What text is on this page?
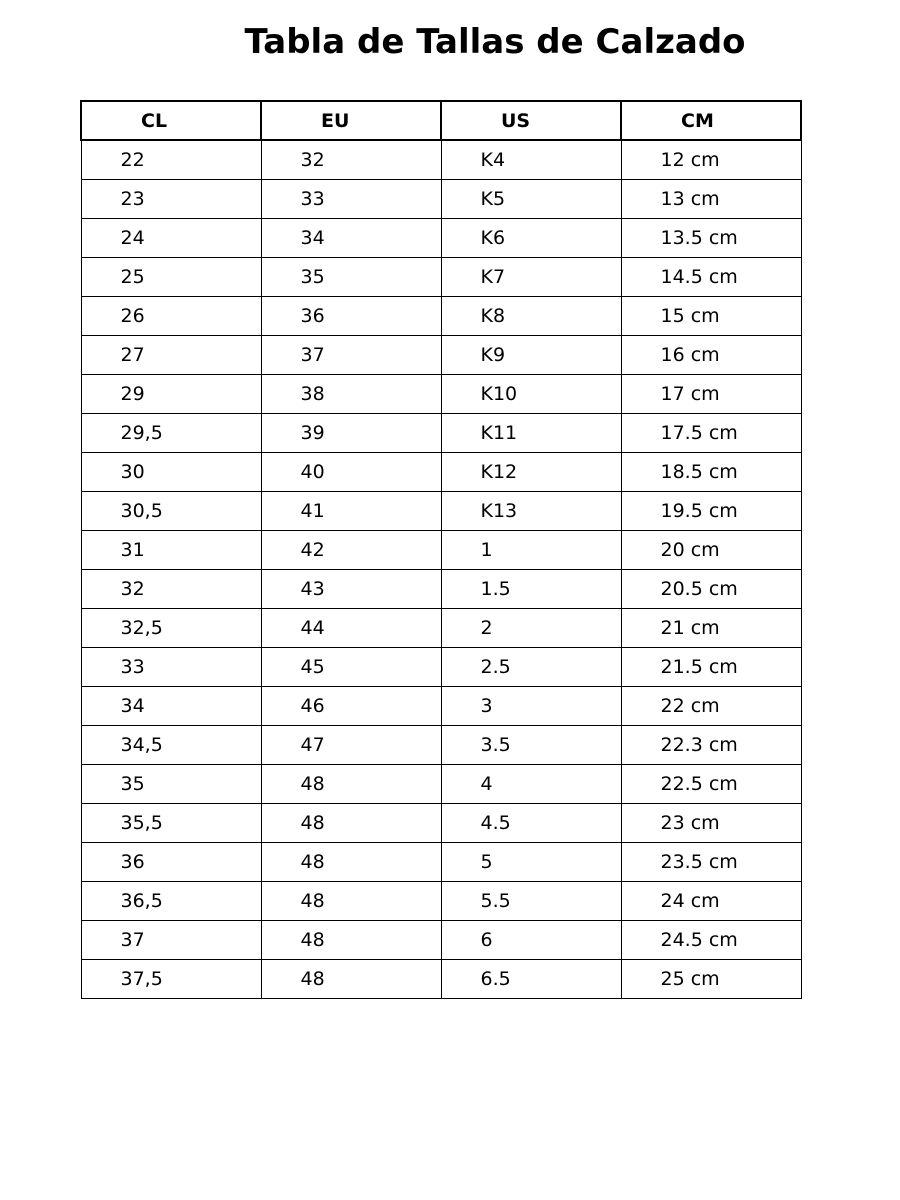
Tabla de Tallas de Calzado
CL	EU	US	CM
22	32	K4	12 cm
23	33	K5	13 cm
24	34	K6	13.5 cm
25	35	K7	14.5 cm
26	36	K8	15 cm
27	37	K9	16 cm
29	38	K10	17 cm
29,5	39	K11	17.5 cm
30	40	K12	18.5 cm
30,5	41	K13	19.5 cm
31	42	1	20 cm
32	43	1.5	20.5 cm
32,5	44	2	21 cm
33	45	2.5	21.5 cm
34	46	3	22 cm
34,5	47	3.5	22.3 cm
35	48	4	22.5 cm
35,5	48	4.5	23 cm
36	48	5	23.5 cm
36,5	48	5.5	24 cm
37	48	6	24.5 cm
37,5	48	6.5	25 cm
